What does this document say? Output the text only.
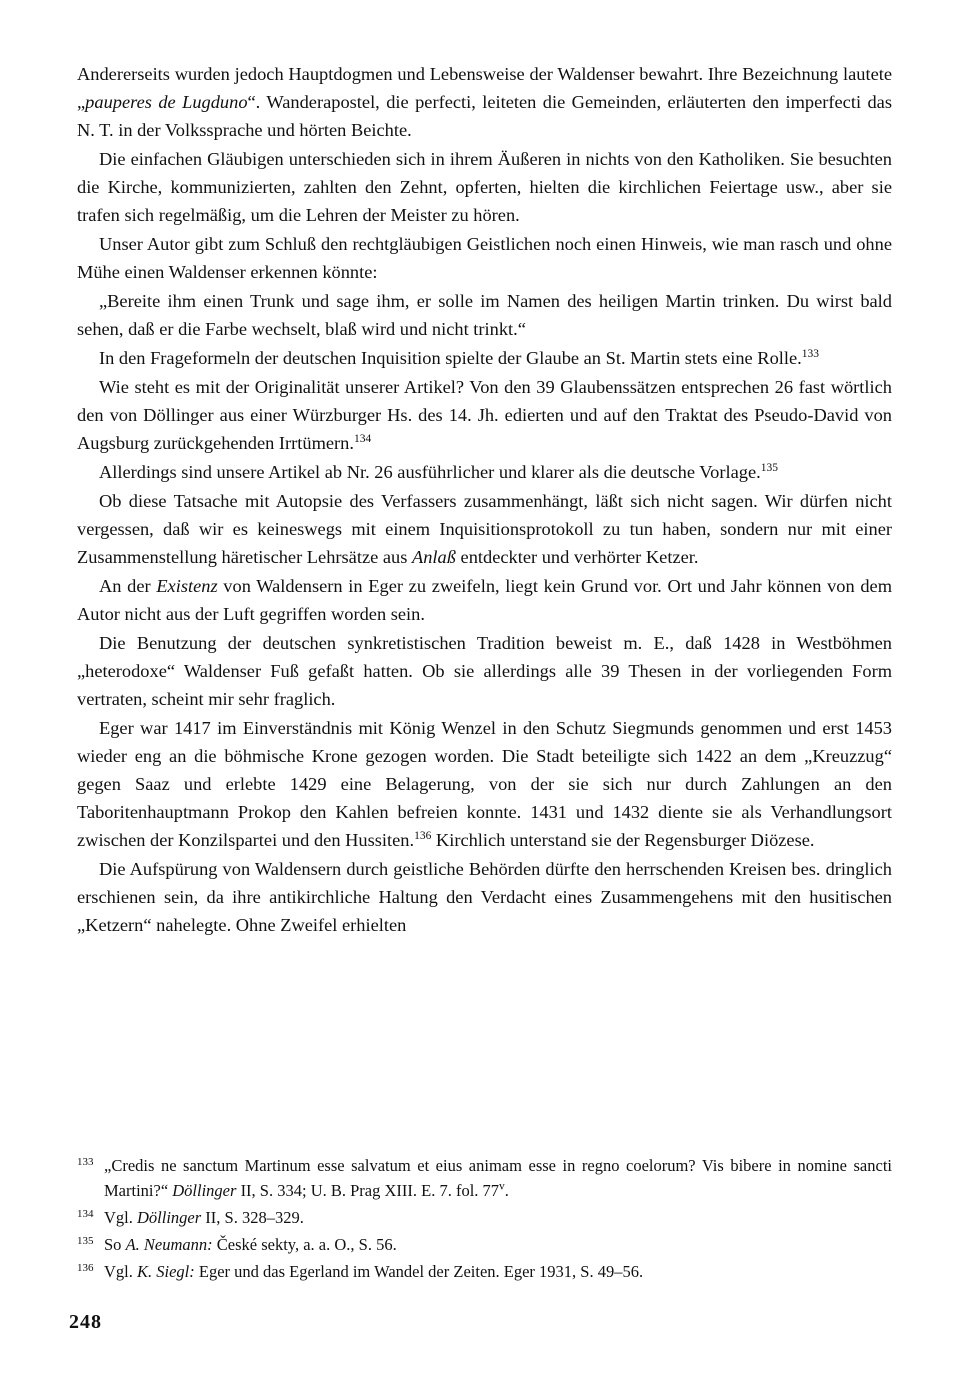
Andererseits wurden jedoch Hauptdogmen und Lebensweise der Waldenser bewahrt. Ihre Bezeichnung lautete „pauperes de Lugduno“. Wanderapostel, die perfecti, leiteten die Gemeinden, erläuterten den imperfecti das N. T. in der Volkssprache und hörten Beichte.

Die einfachen Gläubigen unterschieden sich in ihrem Äußeren in nichts von den Katholiken. Sie besuchten die Kirche, kommunizierten, zahlten den Zehnt, opferten, hielten die kirchlichen Feiertage usw., aber sie trafen sich regelmäßig, um die Lehren der Meister zu hören.

Unser Autor gibt zum Schluß den rechtgläubigen Geistlichen noch einen Hinweis, wie man rasch und ohne Mühe einen Waldenser erkennen könnte:

„Bereite ihm einen Trunk und sage ihm, er solle im Namen des heiligen Martin trinken. Du wirst bald sehen, daß er die Farbe wechselt, blaß wird und nicht trinkt.“

In den Frageformeln der deutschen Inquisition spielte der Glaube an St. Martin stets eine Rolle.$^{133}$

Wie steht es mit der Originalität unserer Artikel? Von den 39 Glaubenssätzen entsprechen 26 fast wörtlich den von Döllinger aus einer Würzburger Hs. des 14. Jh. edierten und auf den Traktat des Pseudo-David von Augsburg zurückgehenden Irrtümern.$^{134}$

Allerdings sind unsere Artikel ab Nr. 26 ausführlicher und klarer als die deutsche Vorlage.$^{135}$

Ob diese Tatsache mit Autopsie des Verfassers zusammenhängt, läßt sich nicht sagen. Wir dürfen nicht vergessen, daß wir es keineswegs mit einem Inquisitionsprotokoll zu tun haben, sondern nur mit einer Zusammenstellung häretischer Lehrsätze aus Anlaß entdeckter und verhörter Ketzer.

An der Existenz von Waldensern in Eger zu zweifeln, liegt kein Grund vor. Ort und Jahr können von dem Autor nicht aus der Luft gegriffen worden sein.

Die Benutzung der deutschen synkretistischen Tradition beweist m. E., daß 1428 in Westböhmen „heterodoxe“ Waldenser Fuß gefaßt hatten. Ob sie allerdings alle 39 Thesen in der vorliegenden Form vertraten, scheint mir sehr fraglich.

Eger war 1417 im Einverständnis mit König Wenzel in den Schutz Siegmunds genommen und erst 1453 wieder eng an die böhmische Krone gezogen worden. Die Stadt beteiligte sich 1422 an dem „Kreuzzug“ gegen Saaz und erlebte 1429 eine Belagerung, von der sie sich nur durch Zahlungen an den Taboritenhauptmann Prokop den Kahlen befreien konnte. 1431 und 1432 diente sie als Verhandlungsort zwischen der Konzilspartei und den Hussiten.$^{136}$ Kirchlich unterstand sie der Regensburger Diözese.

Die Aufspürung von Waldensern durch geistliche Behörden dürfte den herrschenden Kreisen bes. dringlich erschienen sein, da ihre antikirchliche Haltung den Verdacht eines Zusammengehens mit den husitischen „Ketzern“ nahelegte. Ohne Zweifel erhielten

133 „Credis ne sanctum Martinum esse salvatum et eius animam esse in regno coelorum? Vis bibere in nomine sancti Martini?“ Döllinger II, S. 334; U. B. Prag XIII. E. 7. fol. 77$^v$.
134 Vgl. Döllinger II, S. 328–329.
135 So A. Neumann: České sekty, a. a. O., S. 56.
136 Vgl. K. Siegl: Eger und das Egerland im Wandel der Zeiten. Eger 1931, S. 49–56.
248
